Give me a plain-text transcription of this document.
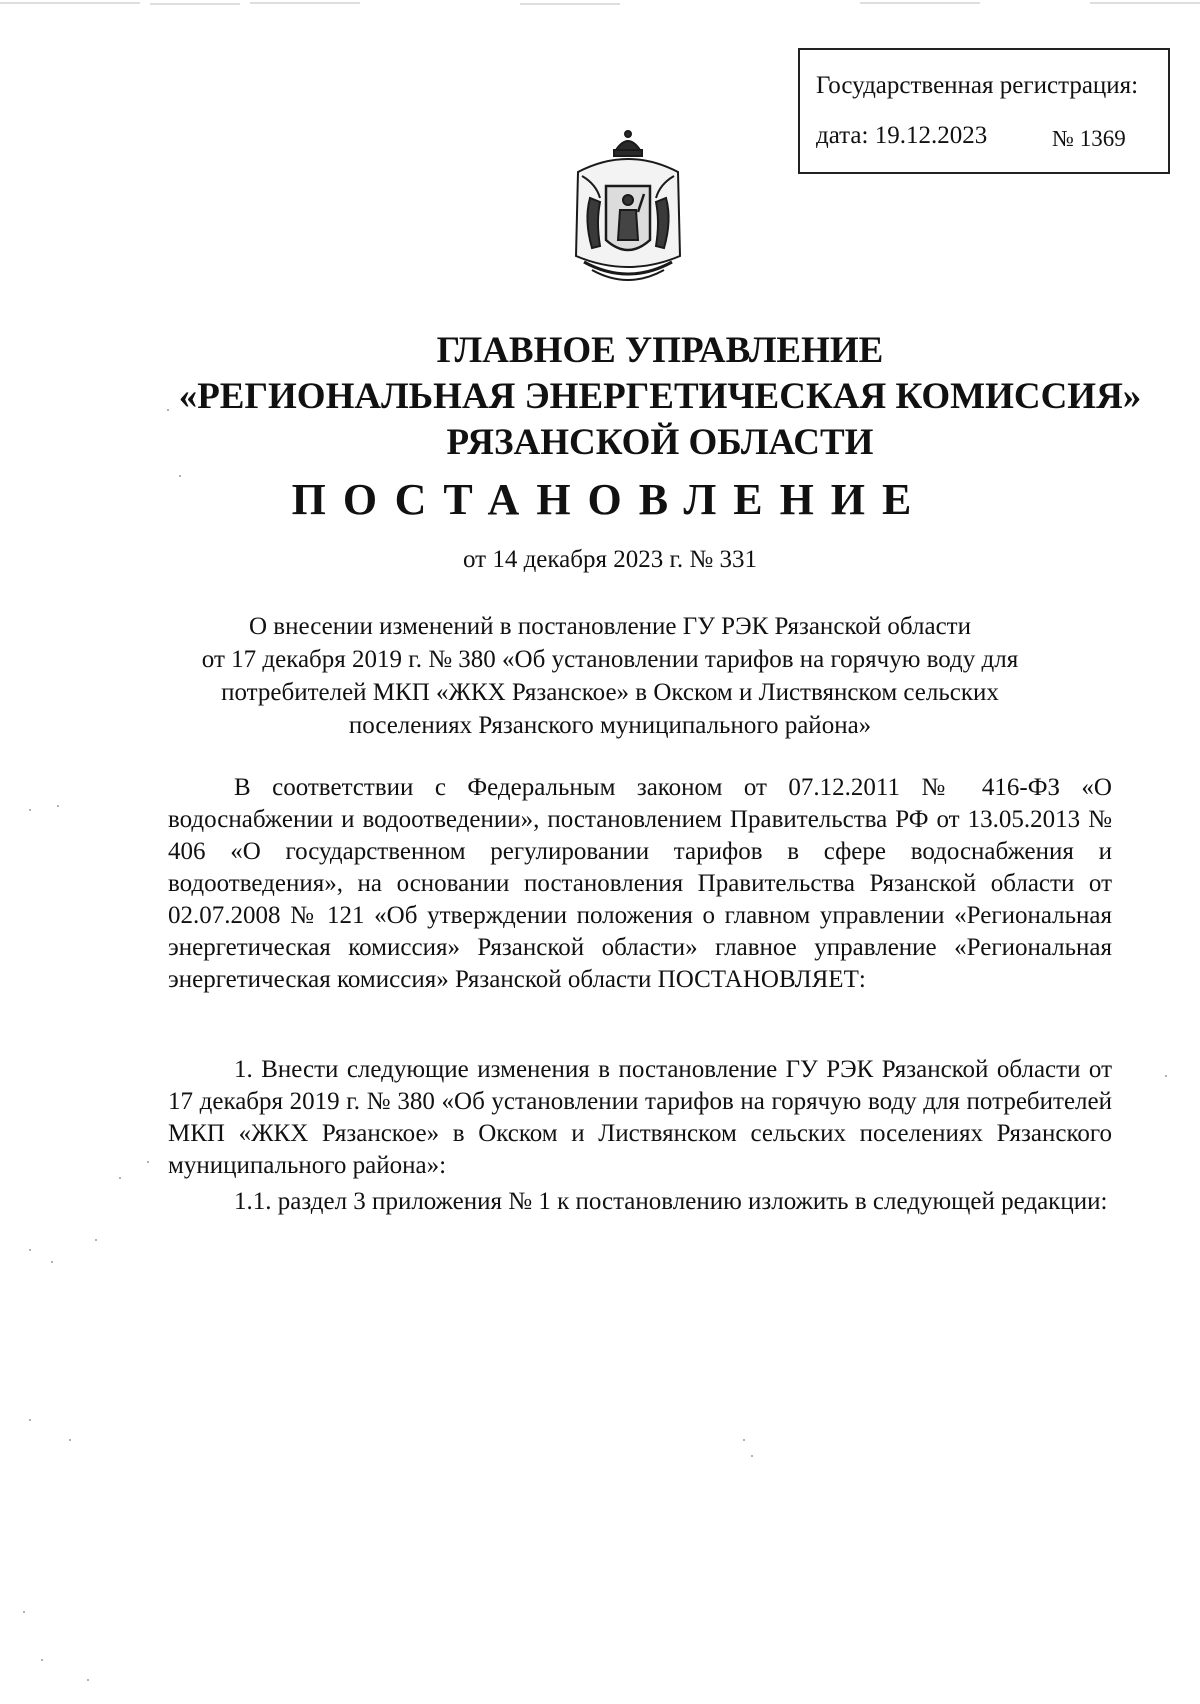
Государственная регистрация:
дата: 19.12.2023	№ 1369
ГЛАВНОЕ УПРАВЛЕНИЕ
«РЕГИОНАЛЬНАЯ ЭНЕРГЕТИЧЕСКАЯ КОМИССИЯ»
РЯЗАНСКОЙ ОБЛАСТИ
ПОСТАНОВЛЕНИЕ
от 14 декабря 2023 г. № 331
О внесении изменений в постановление ГУ РЭК Рязанской области
от 17 декабря 2019 г. № 380 «Об установлении тарифов на горячую воду для
потребителей МКП «ЖКХ Рязанское» в Окском и Листвянском сельских
поселениях Рязанского муниципального района»
В соответствии с Федеральным законом от 07.12.2011 № 416-ФЗ «О водоснабжении и водоотведении», постановлением Правительства РФ от 13.05.2013 № 406 «О государственном регулировании тарифов в сфере водоснабжения и водоотведения», на основании постановления Правительства Рязанской области от 02.07.2008 № 121 «Об утверждении положения о главном управлении «Региональная энергетическая комиссия» Рязанской области» главное управление «Региональная энергетическая комиссия» Рязанской области ПОСТАНОВЛЯЕТ:
1. Внести следующие изменения в постановление ГУ РЭК Рязанской области от 17 декабря 2019 г. № 380 «Об установлении тарифов на горячую воду для потребителей МКП «ЖКХ Рязанское» в Окском и Листвянском сельских поселениях Рязанского муниципального района»:
1.1. раздел 3 приложения № 1 к постановлению изложить в следующей редакции:
